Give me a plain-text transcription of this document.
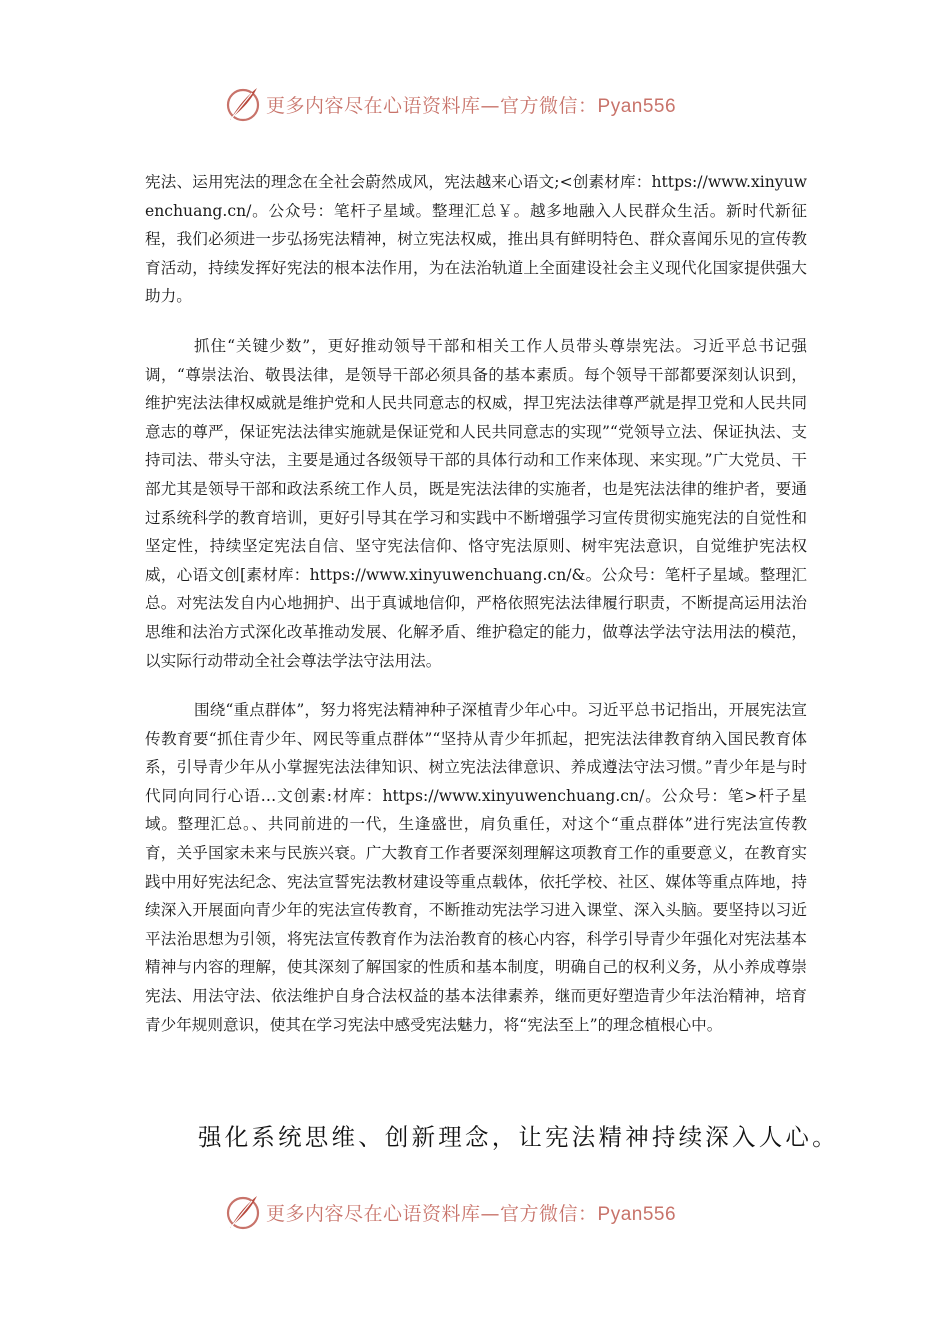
更多内容尽在心语资料库—官方微信：Pyan556

宪法、运用宪法的理念在全社会蔚然成风，宪法越来心语文;<创素材库：https://www.xinyuwenchuang.cn/。公众号：笔杆子星域。整理汇总￥。越多地融入人民群众生活。新时代新征程，我们必须进一步弘扬宪法精神，树立宪法权威，推出具有鲜明特色、群众喜闻乐见的宣传教育活动，持续发挥好宪法的根本法作用，为在法治轨道上全面建设社会主义现代化国家提供强大助力。

抓住“关键少数”，更好推动领导干部和相关工作人员带头尊崇宪法。习近平总书记强调，“尊崇法治、敬畏法律，是领导干部必须具备的基本素质。每个领导干部都要深刻认识到，维护宪法法律权威就是维护党和人民共同意志的权威，捍卫宪法法律尊严就是捍卫党和人民共同意志的尊严，保证宪法法律实施就是保证党和人民共同意志的实现”“党领导立法、保证执法、支持司法、带头守法，主要是通过各级领导干部的具体行动和工作来体现、来实现。”广大党员、干部尤其是领导干部和政法系统工作人员，既是宪法法律的实施者，也是宪法法律的维护者，要通过系统科学的教育培训，更好引导其在学习和实践中不断增强学习宣传贯彻实施宪法的自觉性和坚定性，持续坚定宪法自信、坚守宪法信仰、恪守宪法原则、树牢宪法意识，自觉维护宪法权威，心语文创[素材库：https://www.xinyuwenchuang.cn/&。公众号：笔杆子星域。整理汇总。对宪法发自内心地拥护、出于真诚地信仰，严格依照宪法法律履行职责，不断提高运用法治思维和法治方式深化改革推动发展、化解矛盾、维护稳定的能力，做尊法学法守法用法的模范，以实际行动带动全社会尊法学法守法用法。

围绕“重点群体”，努力将宪法精神种子深植青少年心中。习近平总书记指出，开展宪法宣传教育要“抓住青少年、网民等重点群体”“坚持从青少年抓起，把宪法法律教育纳入国民教育体系，引导青少年从小掌握宪法法律知识、树立宪法法律意识、养成遵法守法习惯。”青少年是与时代同向同行心语…文创素:材库：https://www.xinyuwenchuang.cn/。公众号：笔>杆子星域。整理汇总。、共同前进的一代，生逢盛世，肩负重任，对这个“重点群体”进行宪法宣传教育，关乎国家未来与民族兴衰。广大教育工作者要深刻理解这项教育工作的重要意义，在教育实践中用好宪法纪念、宪法宣誓宪法教材建设等重点载体，依托学校、社区、媒体等重点阵地，持续深入开展面向青少年的宪法宣传教育，不断推动宪法学习进入课堂、深入头脑。要坚持以习近平法治思想为引领，将宪法宣传教育作为法治教育的核心内容，科学引导青少年强化对宪法基本精神与内容的理解，使其深刻了解国家的性质和基本制度，明确自己的权利义务，从小养成尊崇宪法、用法守法、依法维护自身合法权益的基本法律素养，继而更好塑造青少年法治精神，培育青少年规则意识，使其在学习宪法中感受宪法魅力，将“宪法至上”的理念植根心中。

强化系统思维、创新理念，让宪法精神持续深入人心。
更多内容尽在心语资料库—官方微信：Pyan556
